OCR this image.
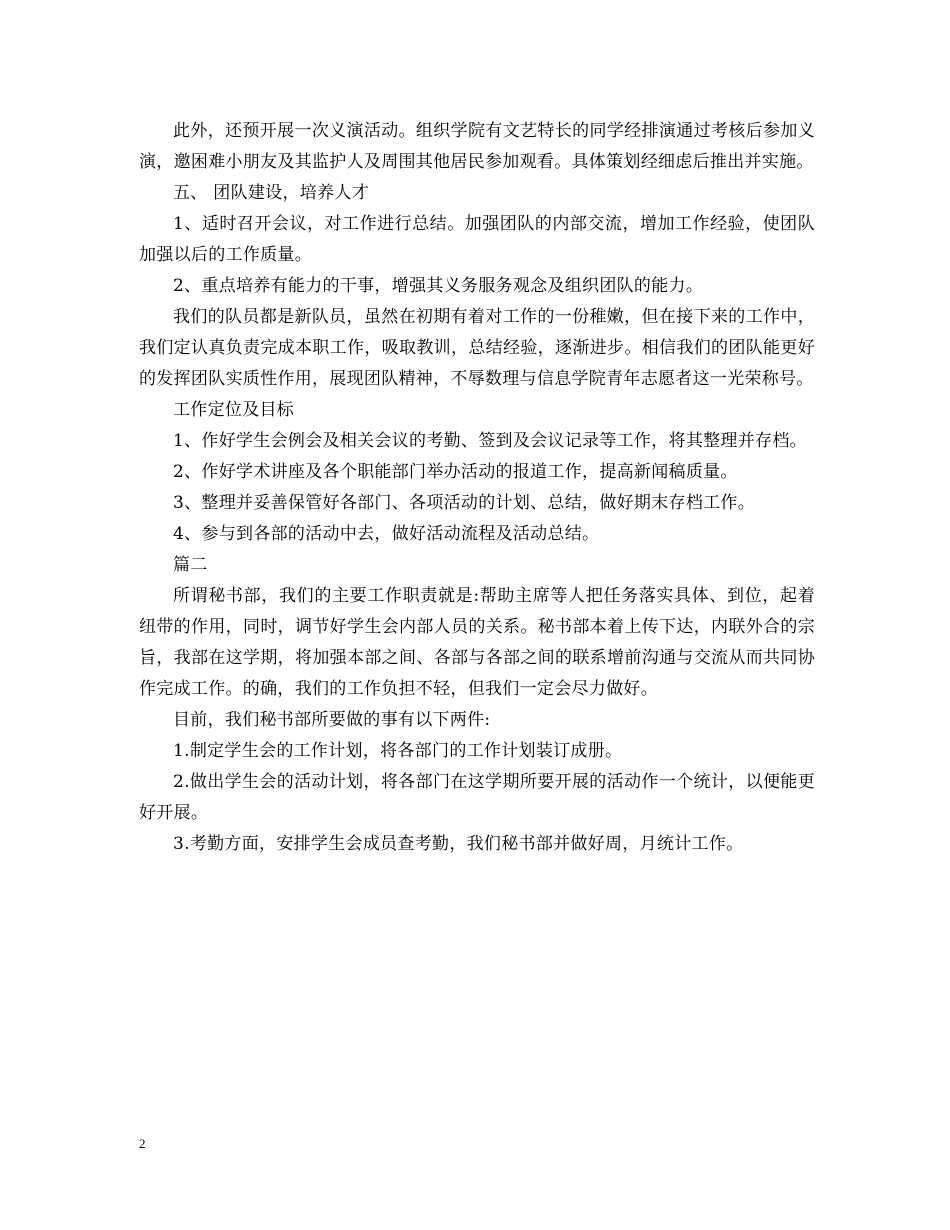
此外，还预开展一次义演活动。组织学院有文艺特长的同学经排演通过考核后参加义演，邀困难小朋友及其监护人及周围其他居民参加观看。具体策划经细虑后推出并实施。

五、 团队建设，培养人才

1、适时召开会议，对工作进行总结。加强团队的内部交流，增加工作经验，使团队加强以后的工作质量。

2、重点培养有能力的干事，增强其义务服务观念及组织团队的能力。

我们的队员都是新队员，虽然在初期有着对工作的一份稚嫩，但在接下来的工作中，我们定认真负责完成本职工作，吸取教训，总结经验，逐渐进步。相信我们的团队能更好的发挥团队实质性作用，展现团队精神，不辱数理与信息学院青年志愿者这一光荣称号。

工作定位及目标

1、作好学生会例会及相关会议的考勤、签到及会议记录等工作，将其整理并存档。

2、作好学术讲座及各个职能部门举办活动的报道工作，提高新闻稿质量。

3、整理并妥善保管好各部门、各项活动的计划、总结，做好期末存档工作。

4、参与到各部的活动中去，做好活动流程及活动总结。

篇二

所谓秘书部，我们的主要工作职责就是:帮助主席等人把任务落实具体、到位，起着纽带的作用，同时，调节好学生会内部人员的关系。秘书部本着上传下达，内联外合的宗旨，我部在这学期，将加强本部之间、各部与各部之间的联系增前沟通与交流从而共同协作完成工作。的确，我们的工作负担不轻，但我们一定会尽力做好。

目前，我们秘书部所要做的事有以下两件:

1.制定学生会的工作计划，将各部门的工作计划装订成册。

2.做出学生会的活动计划，将各部门在这学期所要开展的活动作一个统计，以便能更好开展。

3.考勤方面，安排学生会成员查考勤，我们秘书部并做好周，月统计工作。

2
